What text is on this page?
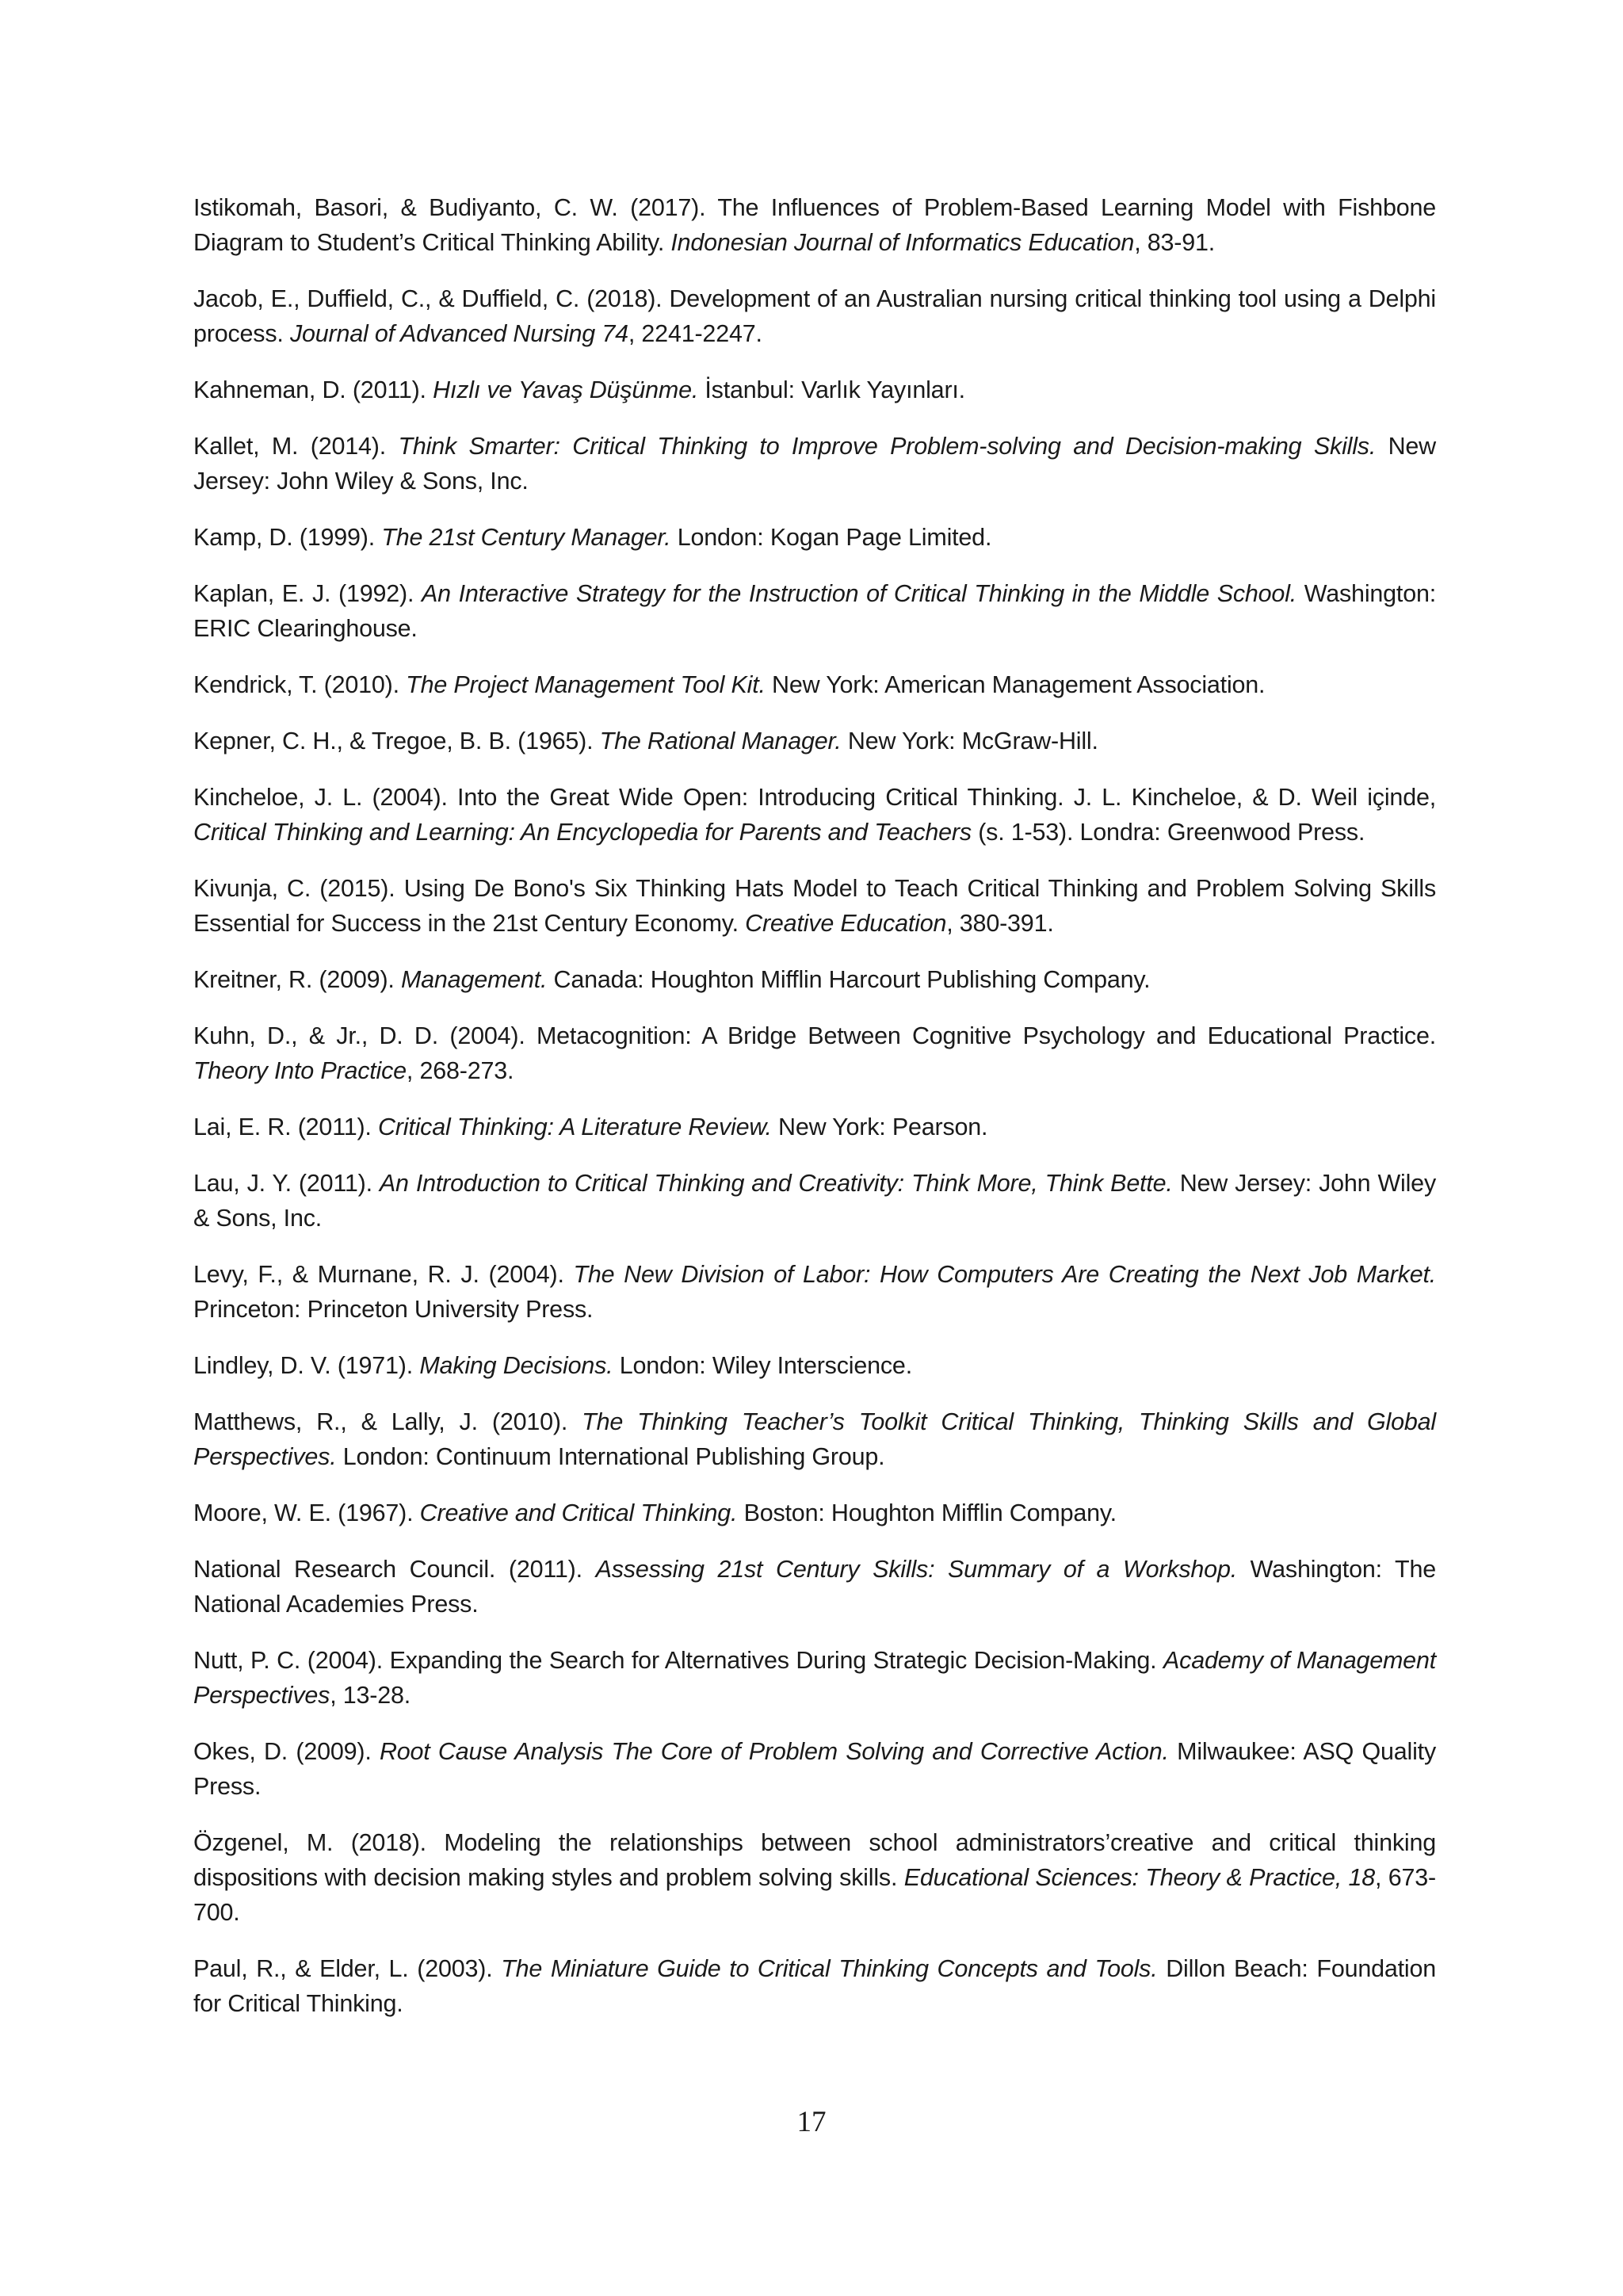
Istikomah, Basori, & Budiyanto, C. W. (2017). The Influences of Problem-Based Learning Model with Fishbone Diagram to Student’s Critical Thinking Ability. Indonesian Journal of Informatics Education, 83-91.

Jacob, E., Duffield, C., & Duffield, C. (2018). Development of an Australian nursing critical thinking tool using a Delphi process. Journal of Advanced Nursing 74, 2241-2247.

Kahneman, D. (2011). Hızlı ve Yavaş Düşünme. İstanbul: Varlık Yayınları.

Kallet, M. (2014). Think Smarter: Critical Thinking to Improve Problem-solving and Decision-making Skills. New Jersey: John Wiley & Sons, Inc.

Kamp, D. (1999). The 21st Century Manager. London: Kogan Page Limited.

Kaplan, E. J. (1992). An Interactive Strategy for the Instruction of Critical Thinking in the Middle School. Washington: ERIC Clearinghouse.

Kendrick, T. (2010). The Project Management Tool Kit. New York: American Management Association.

Kepner, C. H., & Tregoe, B. B. (1965). The Rational Manager. New York: McGraw-Hill.

Kincheloe, J. L. (2004). Into the Great Wide Open: Introducing Critical Thinking. J. L. Kincheloe, & D. Weil içinde, Critical Thinking and Learning: An Encyclopedia for Parents and Teachers (s. 1-53). Londra: Greenwood Press.

Kivunja, C. (2015). Using De Bono's Six Thinking Hats Model to Teach Critical Thinking and Problem Solving Skills Essential for Success in the 21st Century Economy. Creative Education, 380-391.

Kreitner, R. (2009). Management. Canada: Houghton Mifflin Harcourt Publishing Company.

Kuhn, D., & Jr., D. D. (2004). Metacognition: A Bridge Between Cognitive Psychology and Educational Practice. Theory Into Practice, 268-273.

Lai, E. R. (2011). Critical Thinking: A Literature Review. New York: Pearson.

Lau, J. Y. (2011). An Introduction to Critical Thinking and Creativity: Think More, Think Bette. New Jersey: John Wiley & Sons, Inc.

Levy, F., & Murnane, R. J. (2004). The New Division of Labor: How Computers Are Creating the Next Job Market. Princeton: Princeton University Press.

Lindley, D. V. (1971). Making Decisions. London: Wiley Interscience.

Matthews, R., & Lally, J. (2010). The Thinking Teacher’s Toolkit Critical Thinking, Thinking Skills and Global Perspectives. London: Continuum International Publishing Group.

Moore, W. E. (1967). Creative and Critical Thinking. Boston: Houghton Mifflin Company.

National Research Council. (2011). Assessing 21st Century Skills: Summary of a Workshop. Washington: The National Academies Press.

Nutt, P. C. (2004). Expanding the Search for Alternatives During Strategic Decision-Making. Academy of Management Perspectives, 13-28.

Okes, D. (2009). Root Cause Analysis The Core of Problem Solving and Corrective Action. Milwaukee: ASQ Quality Press.

Özgenel, M. (2018). Modeling the relationships between school administrators’creative and critical thinking dispositions with decision making styles and problem solving skills. Educational Sciences: Theory & Practice, 18, 673-700.

Paul, R., & Elder, L. (2003). The Miniature Guide to Critical Thinking Concepts and Tools. Dillon Beach: Foundation for Critical Thinking.

17
